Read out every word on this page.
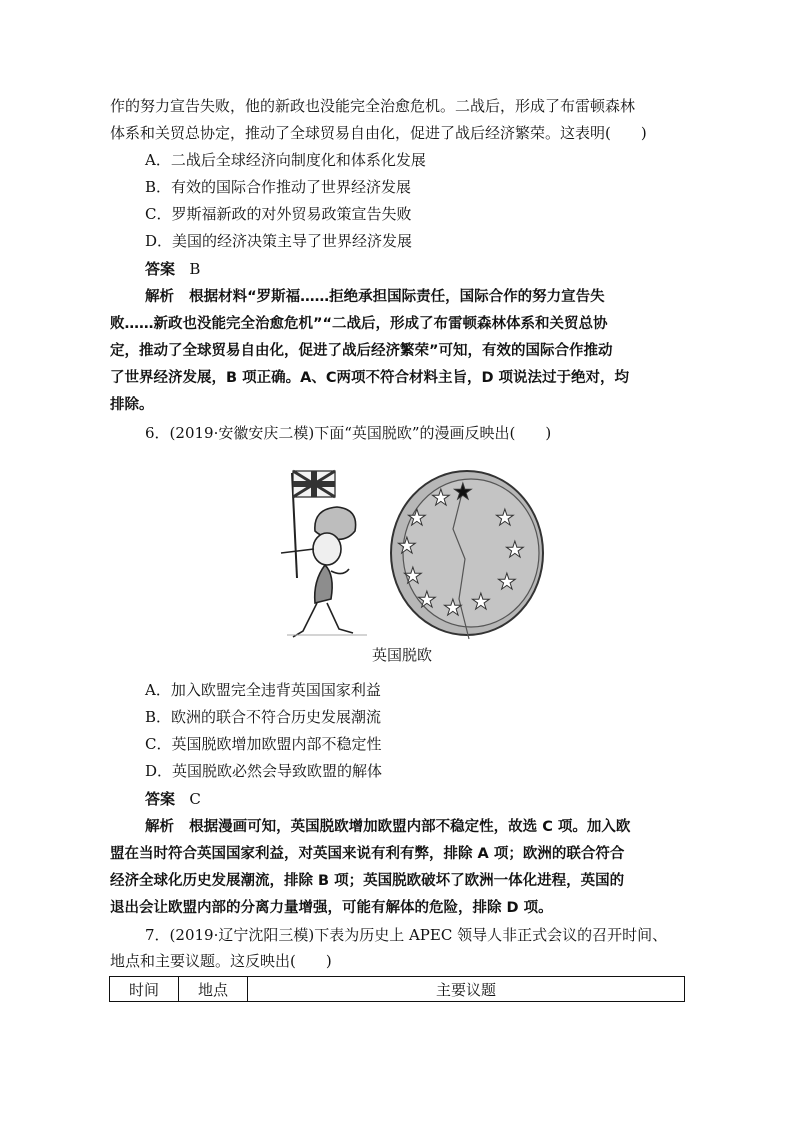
作的努力宣告失败，他的新政也没能完全治愈危机。二战后，形成了布雷顿森林
体系和关贸总协定，推动了全球贸易自由化，促进了战后经济繁荣。这表明(　　)
A．二战后全球经济向制度化和体系化发展
B．有效的国际合作推动了世界经济发展
C．罗斯福新政的对外贸易政策宣告失败
D．美国的经济决策主导了世界经济发展
答案 B
解析 根据材料“罗斯福……拒绝承担国际责任，国际合作的努力宣告失
败……新政也没能完全治愈危机”“二战后，形成了布雷顿森林体系和关贸总协
定，推动了全球贸易自由化，促进了战后经济繁荣”可知，有效的国际合作推动
了世界经济发展，B 项正确。A、C两项不符合材料主旨，D 项说法过于绝对，均
排除。
6．(2019·安徽安庆二模)下面“英国脱欧”的漫画反映出(　　)
★ ★
★	★
★	★
★	★
★ ★ ★
英国脱欧
A．加入欧盟完全违背英国国家利益
B．欧洲的联合不符合历史发展潮流
C．英国脱欧增加欧盟内部不稳定性
D．英国脱欧必然会导致欧盟的解体
答案 C
解析 根据漫画可知，英国脱欧增加欧盟内部不稳定性，故选 C 项。加入欧
盟在当时符合英国国家利益，对英国来说有利有弊，排除 A 项；欧洲的联合符合
经济全球化历史发展潮流，排除 B 项；英国脱欧破坏了欧洲一体化进程，英国的
退出会让欧盟内部的分离力量增强，可能有解体的危险，排除 D 项。
7．(2019·辽宁沈阳三模)下表为历史上 APEC 领导人非正式会议的召开时间、
地点和主要议题。这反映出(　　)
时间	地点	主要议题
